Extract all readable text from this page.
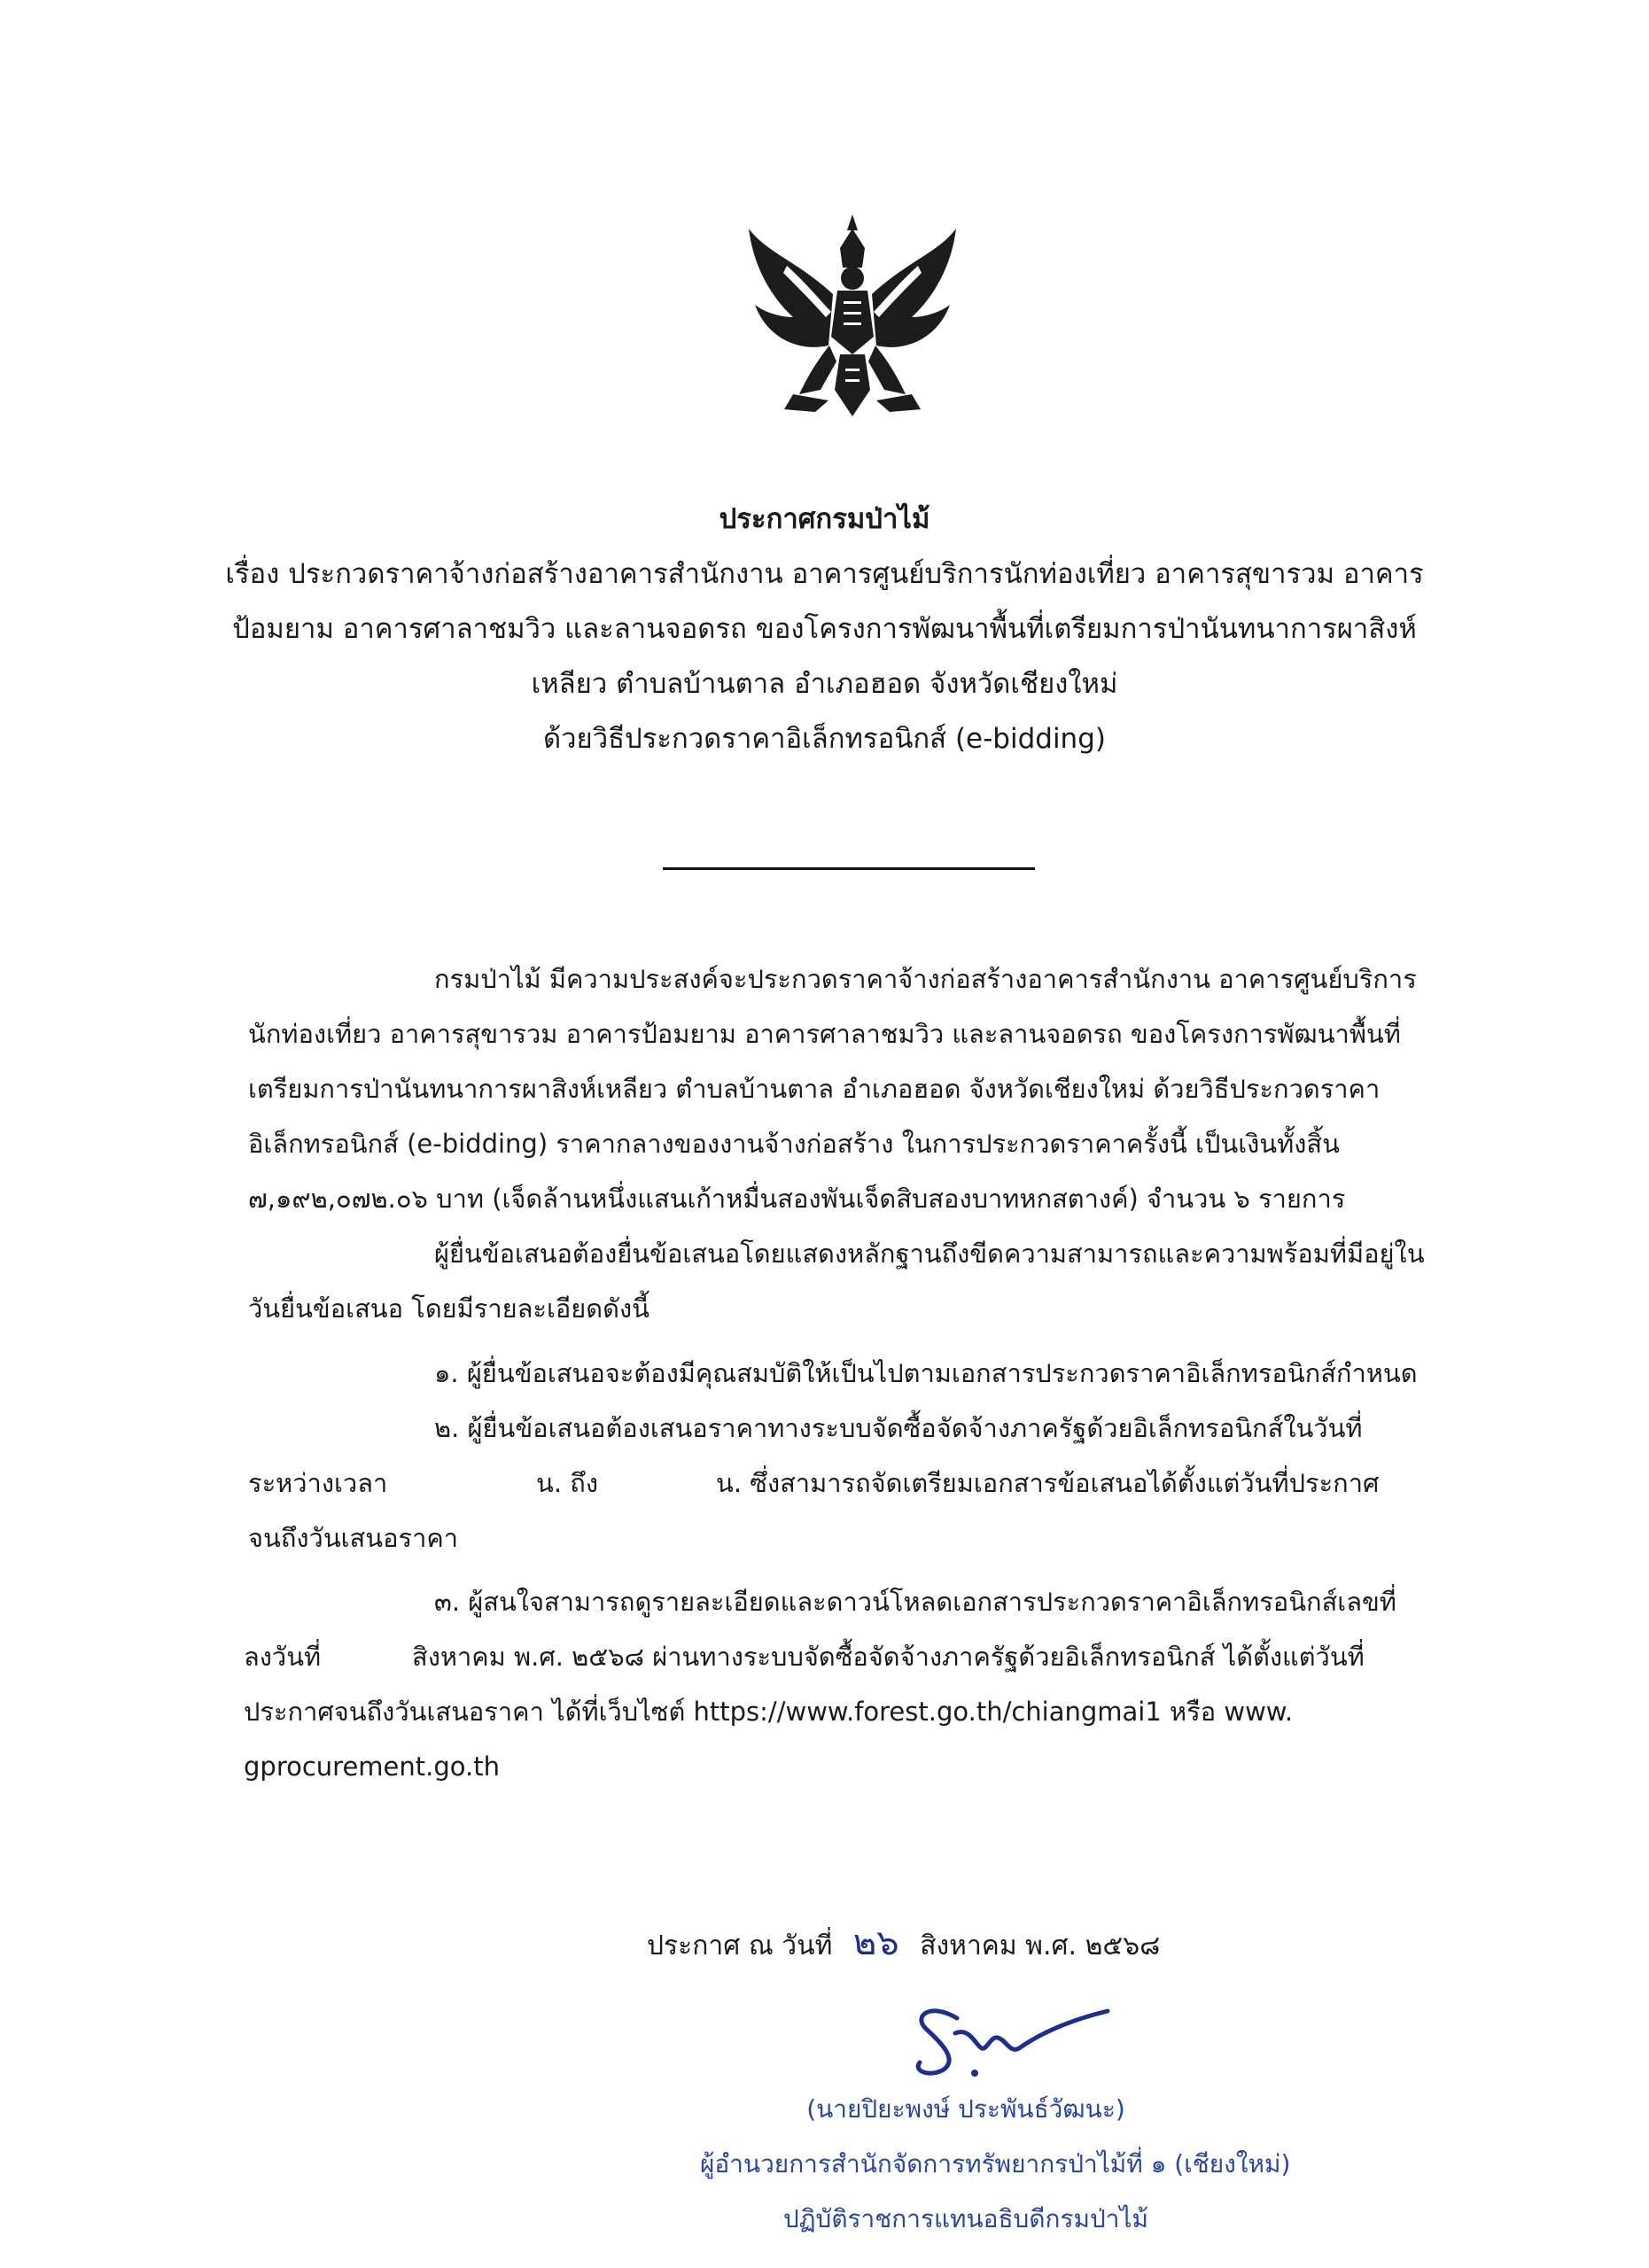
ประกาศกรมป่าไม้
เรื่อง ประกวดราคาจ้างก่อสร้างอาคารสำนักงาน อาคารศูนย์บริการนักท่องเที่ยว อาคารสุขารวม อาคาร
ป้อมยาม อาคารศาลาชมวิว และลานจอดรถ ของโครงการพัฒนาพื้นที่เตรียมการป่านันทนาการผาสิงห์
เหลียว ตำบลบ้านตาล อำเภอฮอด จังหวัดเชียงใหม่
ด้วยวิธีประกวดราคาอิเล็กทรอนิกส์ (e-bidding)
กรมป่าไม้ มีความประสงค์จะประกวดราคาจ้างก่อสร้างอาคารสำนักงาน อาคารศูนย์บริการ
นักท่องเที่ยว อาคารสุขารวม อาคารป้อมยาม อาคารศาลาชมวิว และลานจอดรถ ของโครงการพัฒนาพื้นที่
เตรียมการป่านันทนาการผาสิงห์เหลียว ตำบลบ้านตาล อำเภอฮอด จังหวัดเชียงใหม่ ด้วยวิธีประกวดราคา
อิเล็กทรอนิกส์ (e-bidding) ราคากลางของงานจ้างก่อสร้าง ในการประกวดราคาครั้งนี้ เป็นเงินทั้งสิ้น
๗,๑๙๒,๐๗๒.๐๖ บาท (เจ็ดล้านหนึ่งแสนเก้าหมื่นสองพันเจ็ดสิบสองบาทหกสตางค์) จำนวน ๖ รายการ
ผู้ยื่นข้อเสนอต้องยื่นข้อเสนอโดยแสดงหลักฐานถึงขีดความสามารถและความพร้อมที่มีอยู่ใน
วันยื่นข้อเสนอ โดยมีรายละเอียดดังนี้
๑. ผู้ยื่นข้อเสนอจะต้องมีคุณสมบัติให้เป็นไปตามเอกสารประกวดราคาอิเล็กทรอนิกส์กำหนด
๒. ผู้ยื่นข้อเสนอต้องเสนอราคาทางระบบจัดซื้อจัดจ้างภาครัฐด้วยอิเล็กทรอนิกส์ในวันที่
ระหว่างเวลา	น. ถึง	น. ซึ่งสามารถจัดเตรียมเอกสารข้อเสนอได้ตั้งแต่วันที่ประกาศ
จนถึงวันเสนอราคา
๓. ผู้สนใจสามารถดูรายละเอียดและดาวน์โหลดเอกสารประกวดราคาอิเล็กทรอนิกส์เลขที่
ลงวันที่	สิงหาคม พ.ศ. ๒๕๖๘ ผ่านทางระบบจัดซื้อจัดจ้างภาครัฐด้วยอิเล็กทรอนิกส์ ได้ตั้งแต่วันที่
ประกาศจนถึงวันเสนอราคา ได้ที่เว็บไซต์ https://www.forest.go.th/chiangmai1 หรือ www.
gprocurement.go.th
ประกาศ ณ วันที่ ๒๖ สิงหาคม พ.ศ. ๒๕๖๘
(นายปิยะพงษ์ ประพันธ์วัฒนะ)
ผู้อำนวยการสำนักจัดการทรัพยากรป่าไม้ที่ ๑ (เชียงใหม่)
ปฏิบัติราชการแทนอธิบดีกรมป่าไม้
